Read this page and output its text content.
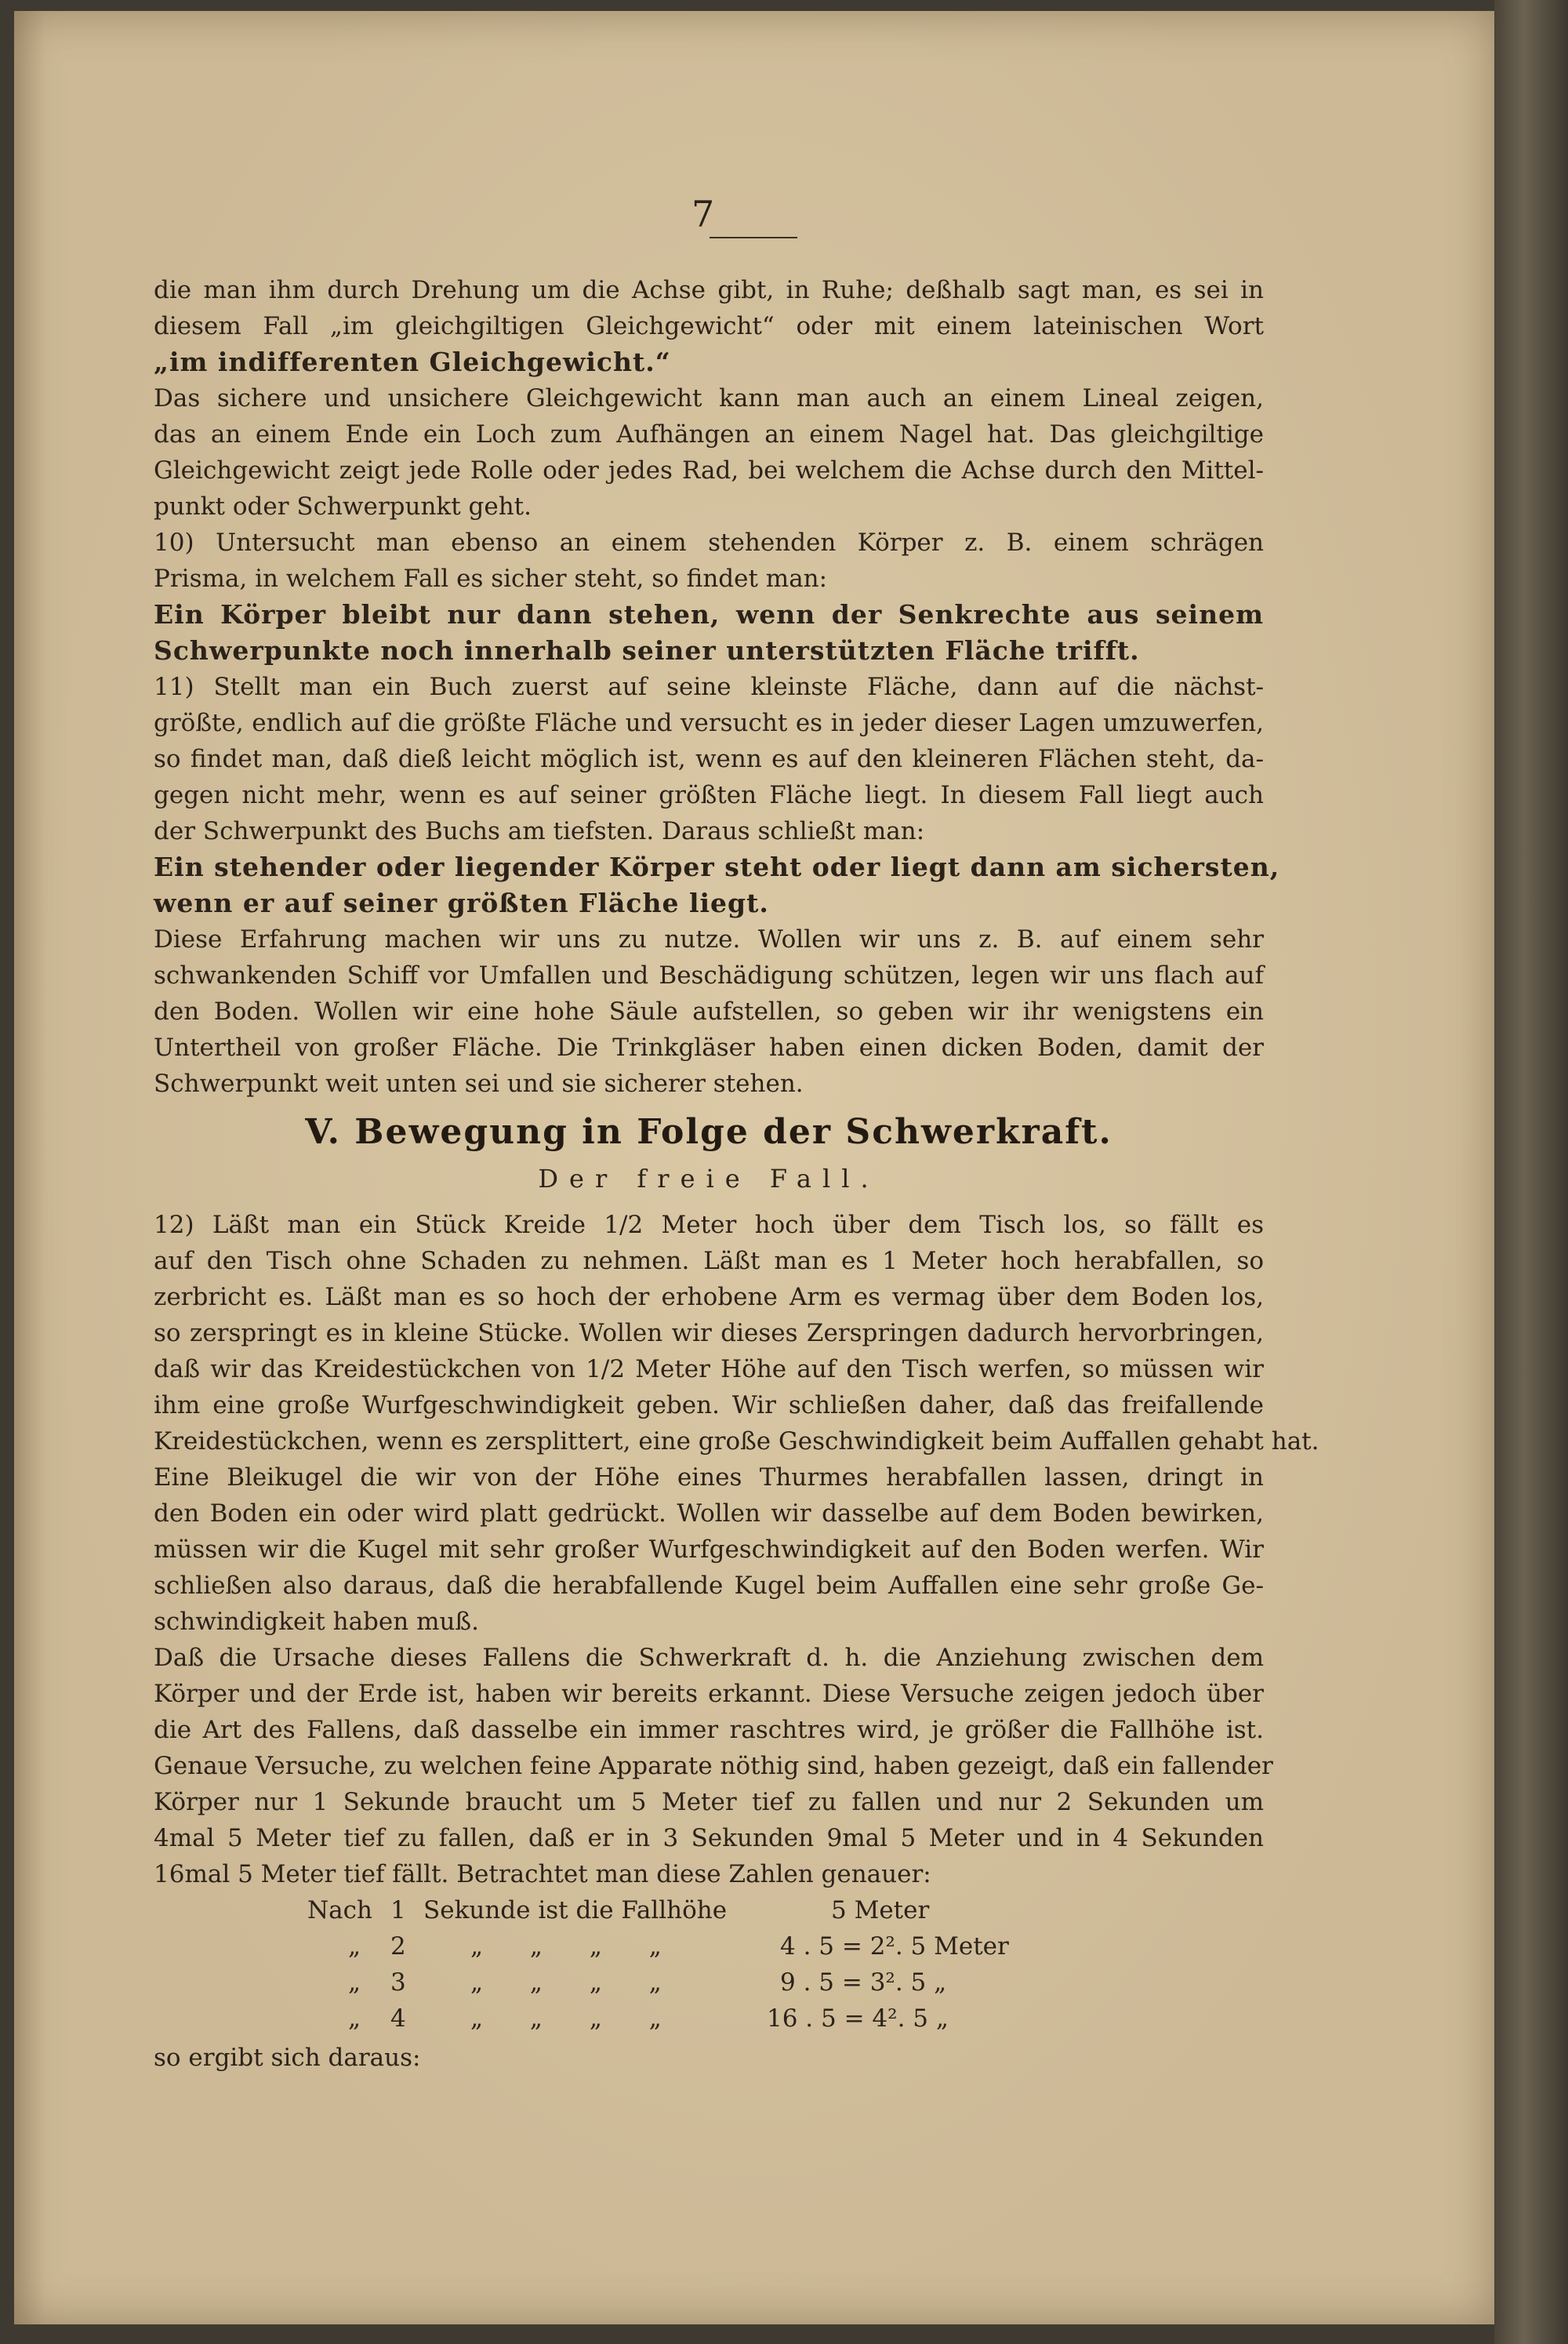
7
die man ihm durch Drehung um die Achse gibt, in Ruhe; deßhalb sagt man, es sei in
diesem Fall „im gleichgiltigen Gleichgewicht“ oder mit einem lateinischen Wort
„im indifferenten Gleichgewicht.“
Das sichere und unsichere Gleichgewicht kann man auch an einem Lineal zeigen,
das an einem Ende ein Loch zum Aufhängen an einem Nagel hat. Das gleichgiltige
Gleichgewicht zeigt jede Rolle oder jedes Rad, bei welchem die Achse durch den Mittel-
punkt oder Schwerpunkt geht.
10) Untersucht man ebenso an einem stehenden Körper z. B. einem schrägen
Prisma, in welchem Fall es sicher steht, so findet man:
Ein Körper bleibt nur dann stehen, wenn der Senkrechte aus seinem
Schwerpunkte noch innerhalb seiner unterstützten Fläche trifft.
11) Stellt man ein Buch zuerst auf seine kleinste Fläche, dann auf die nächst-
größte, endlich auf die größte Fläche und versucht es in jeder dieser Lagen umzuwerfen,
so findet man, daß dieß leicht möglich ist, wenn es auf den kleineren Flächen steht, da-
gegen nicht mehr, wenn es auf seiner größten Fläche liegt. In diesem Fall liegt auch
der Schwerpunkt des Buchs am tiefsten. Daraus schließt man:
Ein stehender oder liegender Körper steht oder liegt dann am sichersten,
wenn er auf seiner größten Fläche liegt.
Diese Erfahrung machen wir uns zu nutze. Wollen wir uns z. B. auf einem sehr
schwankenden Schiff vor Umfallen und Beschädigung schützen, legen wir uns flach auf
den Boden. Wollen wir eine hohe Säule aufstellen, so geben wir ihr wenigstens ein
Untertheil von großer Fläche. Die Trinkgläser haben einen dicken Boden, damit der
Schwerpunkt weit unten sei und sie sicherer stehen.
V. Bewegung in Folge der Schwerkraft.
Der freie Fall.
12) Läßt man ein Stück Kreide 1/2 Meter hoch über dem Tisch los, so fällt es
auf den Tisch ohne Schaden zu nehmen. Läßt man es 1 Meter hoch herabfallen, so
zerbricht es. Läßt man es so hoch der erhobene Arm es vermag über dem Boden los,
so zerspringt es in kleine Stücke. Wollen wir dieses Zerspringen dadurch hervorbringen,
daß wir das Kreidestückchen von 1/2 Meter Höhe auf den Tisch werfen, so müssen wir
ihm eine große Wurfgeschwindigkeit geben. Wir schließen daher, daß das freifallende
Kreidestückchen, wenn es zersplittert, eine große Geschwindigkeit beim Auffallen gehabt hat.
Eine Bleikugel die wir von der Höhe eines Thurmes herabfallen lassen, dringt in
den Boden ein oder wird platt gedrückt. Wollen wir dasselbe auf dem Boden bewirken,
müssen wir die Kugel mit sehr großer Wurfgeschwindigkeit auf den Boden werfen. Wir
schließen also daraus, daß die herabfallende Kugel beim Auffallen eine sehr große Ge-
schwindigkeit haben muß.
Daß die Ursache dieses Fallens die Schwerkraft d. h. die Anziehung zwischen dem
Körper und der Erde ist, haben wir bereits erkannt. Diese Versuche zeigen jedoch über
die Art des Fallens, daß dasselbe ein immer raschtres wird, je größer die Fallhöhe ist.
Genaue Versuche, zu welchen feine Apparate nöthig sind, haben gezeigt, daß ein fallender
Körper nur 1 Sekunde braucht um 5 Meter tief zu fallen und nur 2 Sekunden um
4mal 5 Meter tief zu fallen, daß er in 3 Sekunden 9mal 5 Meter und in 4 Sekunden
16mal 5 Meter tief fällt. Betrachtet man diese Zahlen genauer:
Nach 1 Sekunde ist die Fallhöhe	5 Meter
„ 2	„ „ „ „	4 . 5 = 2². 5 Meter
„ 3	„ „ „ „	9 . 5 = 3². 5 „
„ 4	„ „ „ „	16 . 5 = 4². 5 „
so ergibt sich daraus:
